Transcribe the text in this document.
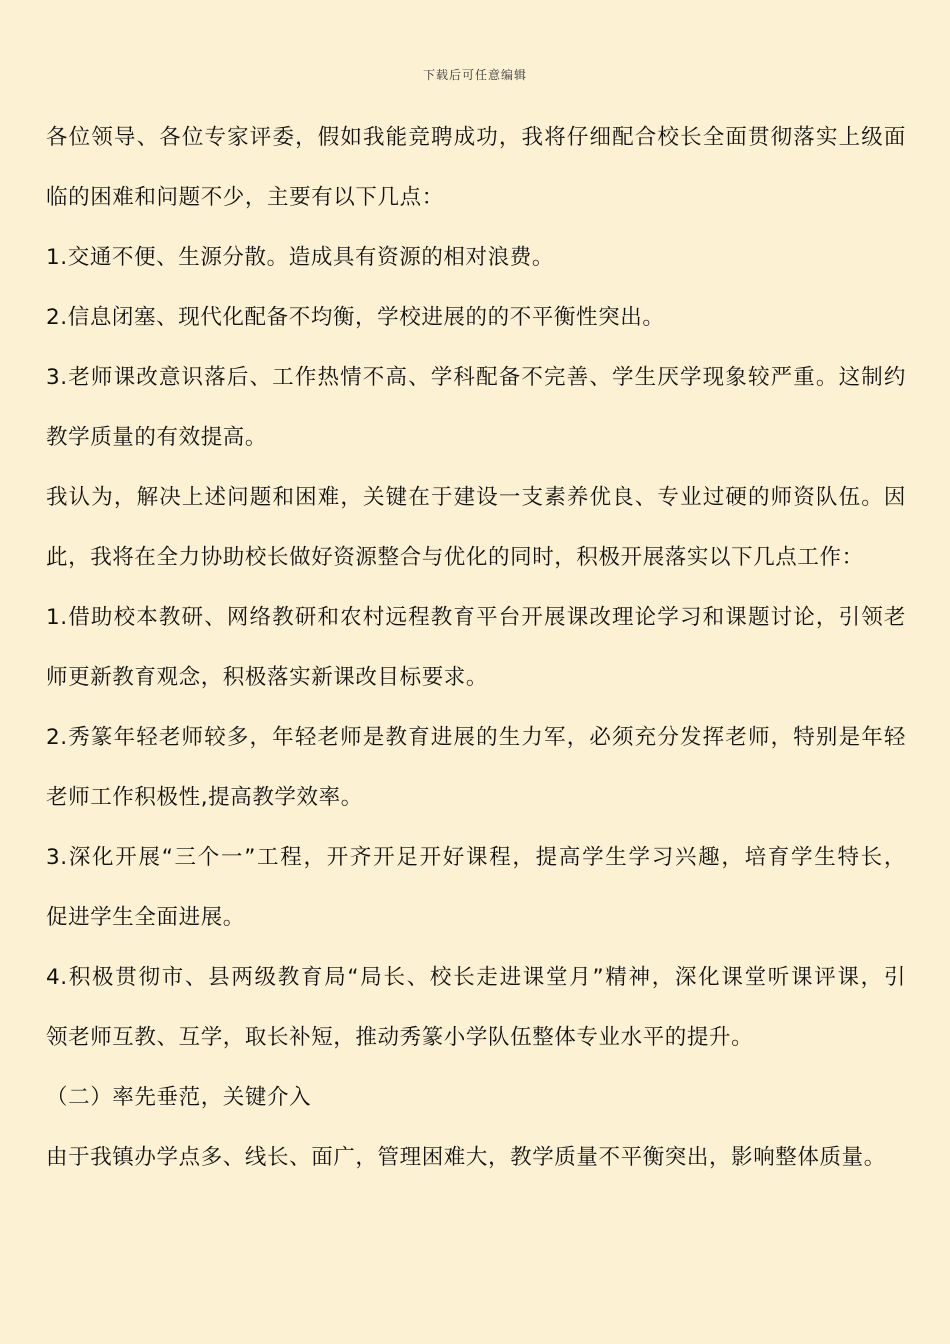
下载后可任意编辑
各位领导、各位专家评委，假如我能竞聘成功，我将仔细配合校长全面贯彻落实上级面
临的困难和问题不少，主要有以下几点：
1.交通不便、生源分散。造成具有资源的相对浪费。
2.信息闭塞、现代化配备不均衡，学校进展的的不平衡性突出。
3.老师课改意识落后、工作热情不高、学科配备不完善、学生厌学现象较严重。这制约
教学质量的有效提高。
我认为，解决上述问题和困难，关键在于建设一支素养优良、专业过硬的师资队伍。因
此，我将在全力协助校长做好资源整合与优化的同时，积极开展落实以下几点工作：
1.借助校本教研、网络教研和农村远程教育平台开展课改理论学习和课题讨论，引领老
师更新教育观念，积极落实新课改目标要求。
2.秀篆年轻老师较多，年轻老师是教育进展的生力军，必须充分发挥老师，特别是年轻
老师工作积极性,提高教学效率。
3.深化开展“三个一”工程，开齐开足开好课程，提高学生学习兴趣，培育学生特长，
促进学生全面进展。
4.积极贯彻市、县两级教育局“局长、校长走进课堂月”精神，深化课堂听课评课，引
领老师互教、互学，取长补短，推动秀篆小学队伍整体专业水平的提升。
（二）率先垂范，关键介入
由于我镇办学点多、线长、面广，管理困难大，教学质量不平衡突出，影响整体质量。
